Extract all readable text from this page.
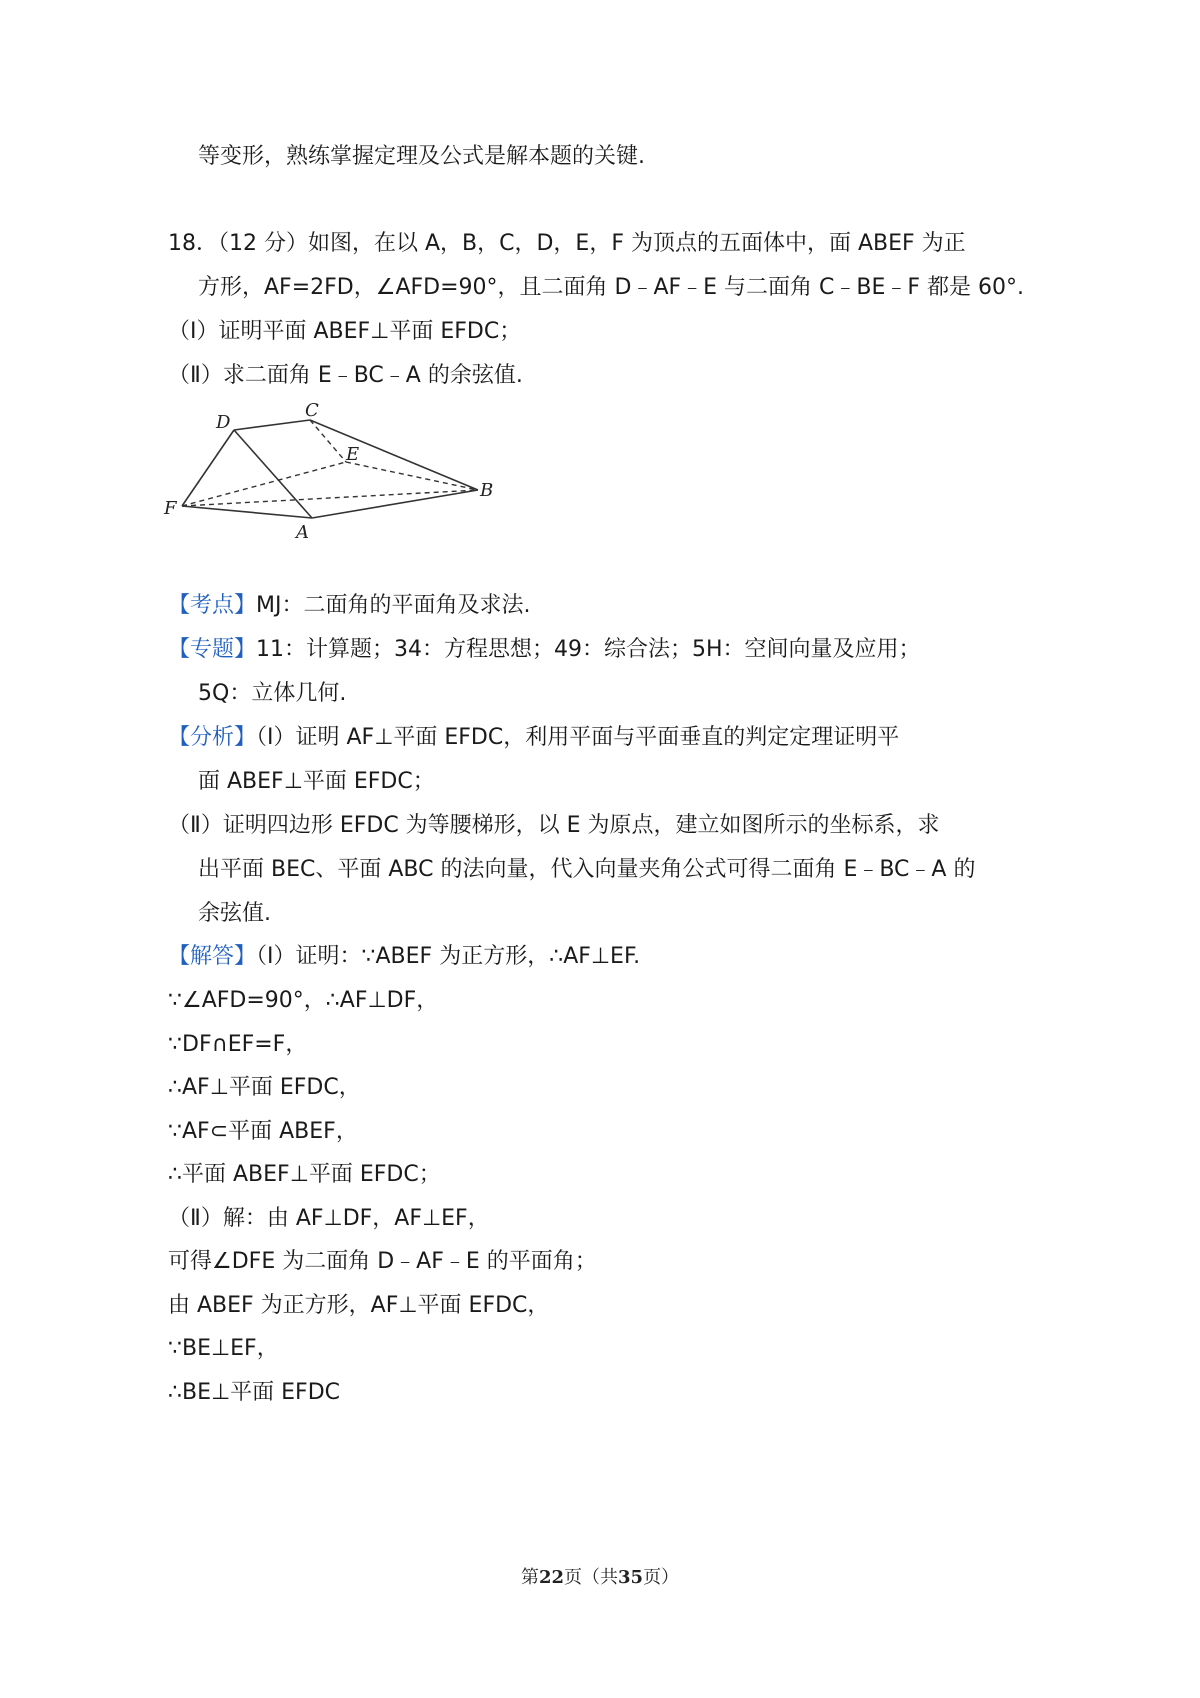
等变形，熟练掌握定理及公式是解本题的关键.
18．（12 分）如图，在以 A，B，C，D，E，F 为顶点的五面体中，面 ABEF 为正
方形，AF=2FD，∠AFD=90°，且二面角 D﹣AF﹣E 与二面角 C﹣BE﹣F 都是 60°.
（Ⅰ）证明平面 ABEF⊥平面 EFDC；
（Ⅱ）求二面角 E﹣BC﹣A 的余弦值.
D
C
E
B
F
A
【考点】MJ：二面角的平面角及求法.
【专题】11：计算题；34：方程思想；49：综合法；5H：空间向量及应用；
5Q：立体几何.
【分析】（Ⅰ）证明 AF⊥平面 EFDC，利用平面与平面垂直的判定定理证明平
面 ABEF⊥平面 EFDC；
（Ⅱ）证明四边形 EFDC 为等腰梯形，以 E 为原点，建立如图所示的坐标系，求
出平面 BEC、平面 ABC 的法向量，代入向量夹角公式可得二面角 E﹣BC﹣A 的
余弦值.
【解答】（Ⅰ）证明：∵ABEF 为正方形，∴AF⊥EF.
∵∠AFD=90°，∴AF⊥DF，
∵DF∩EF=F，
∴AF⊥平面 EFDC，
∵AF⊂平面 ABEF，
∴平面 ABEF⊥平面 EFDC；
（Ⅱ）解：由 AF⊥DF，AF⊥EF，
可得∠DFE 为二面角 D﹣AF﹣E 的平面角；
由 ABEF 为正方形，AF⊥平面 EFDC，
∵BE⊥EF，
∴BE⊥平面 EFDC
第22页（共35页）
